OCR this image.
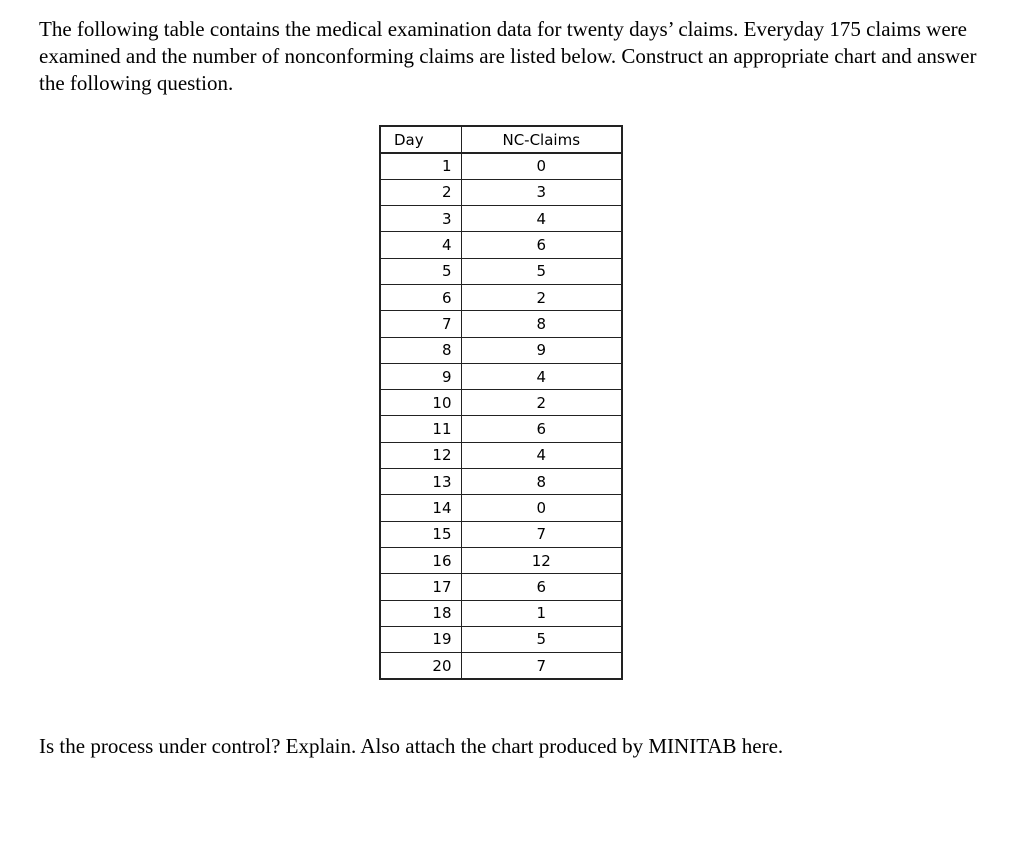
The following table contains the medical examination data for twenty days’ claims. Everyday 175 claims were examined and the number of nonconforming claims are listed below. Construct an appropriate chart and answer the following question.

Day	NC-Claims
1	0
2	3
3	4
4	6
5	5
6	2
7	8
8	9
9	4
10	2
11	6
12	4
13	8
14	0
15	7
16	12
17	6
18	1
19	5
20	7

Is the process under control? Explain. Also attach the chart produced by MINITAB here.
